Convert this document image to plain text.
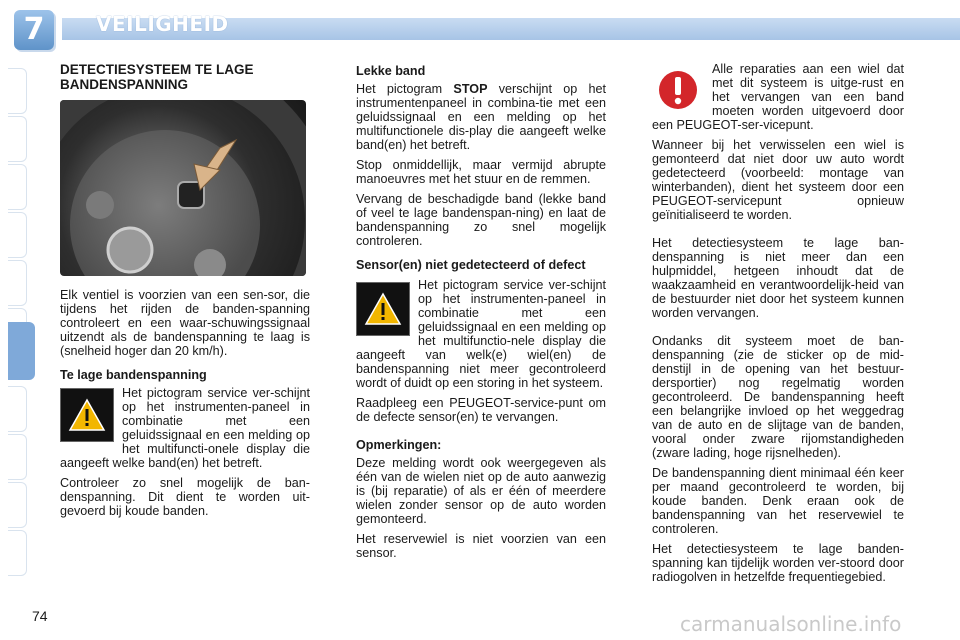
7	VEILIGHEID
DETECTIESYSTEEM TE LAGE BANDENSPANNING

Elk ventiel is voorzien van een sen-sor, die tijdens het rijden de banden-spanning controleert en een waar-schuwingssignaal uitzendt als de bandenspanning te laag is (snelheid hoger dan 20 km/h).

Te lage bandenspanning

Het pictogram service ver-schijnt op het instrumenten-paneel in combinatie met een geluidssignaal en een melding op het multifuncti-onele display die aangeeft welke band(en) het betreft.

Controleer zo snel mogelijk de ban-denspanning. Dit dient te worden uit-gevoerd bij koude banden.

Lekke band

Het pictogram STOP verschijnt op het instrumentenpaneel in combina-tie met een geluidssignaal en een melding op het multifunctionele dis-play die aangeeft welke band(en) het betreft.

Stop onmiddellijk, maar vermijd abrupte manoeuvres met het stuur en de remmen.

Vervang de beschadigde band (lekke band of veel te lage bandenspan-ning) en laat de bandenspanning zo snel mogelijk controleren.

Sensor(en) niet gedetecteerd of defect

Het pictogram service ver-schijnt op het instrumenten-paneel in combinatie met een geluidssignaal en een melding op het multifunctio-nele display die aangeeft van welk(e) wiel(en) de bandenspanning niet meer gecontroleerd wordt of duidt op een storing in het systeem.

Raadpleeg een PEUGEOT-service-punt om de defecte sensor(en) te vervangen.

Opmerkingen:

Deze melding wordt ook weergegeven als één van de wielen niet op de auto aanwezig is (bij reparatie) of als er één of meerdere wielen zonder sensor op de auto worden gemonteerd.

Het reservewiel is niet voorzien van een sensor.

Alle reparaties aan een wiel dat met dit systeem is uitge-rust en het vervangen van een band moeten worden uitgevoerd door een PEUGEOT-ser-vicepunt.

Wanneer bij het verwisselen een wiel is gemonteerd dat niet door uw auto wordt gedetecteerd (voorbeeld: montage van winterbanden), dient het systeem door een PEUGEOT-servicepunt opnieuw geïnitialiseerd te worden.

Het detectiesysteem te lage ban-denspanning is niet meer dan een hulpmiddel, hetgeen inhoudt dat de waakzaamheid en verantwoordelijk-heid van de bestuurder niet door het systeem kunnen worden vervangen.

Ondanks dit systeem moet de ban-denspanning (zie de sticker op de mid-denstijl in de opening van het bestuur-dersportier) nog regelmatig worden gecontroleerd. De bandenspanning heeft een belangrijke invloed op het weggedrag van de auto en de slijtage van de banden, vooral onder zware rijomstandigheden (zware lading, hoge rijsnelheden).

De bandenspanning dient minimaal één keer per maand gecontroleerd te worden, bij koude banden. Denk eraan ook de bandenspanning van het reservewiel te controleren.

Het detectiesysteem te lage banden-spanning kan tijdelijk worden ver-stoord door radiogolven in hetzelfde frequentiegebied.

74	carmanualsonline.info
